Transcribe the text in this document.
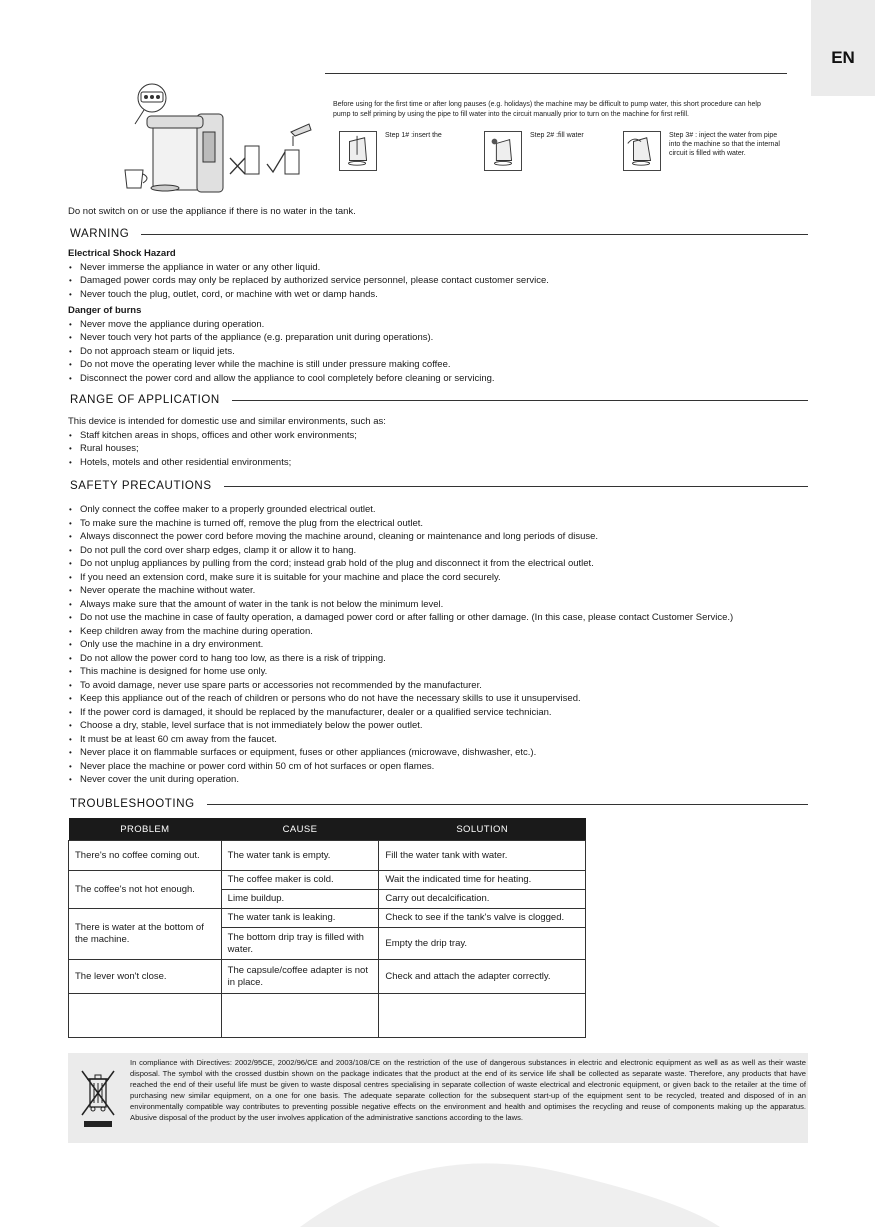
EN
Before using for the first time or after long pauses (e.g. holidays) the machine may be difficult to pump water, this short procedure can help pump to self priming by using the pipe to fill water into the circuit manually prior to turn on the machine for first refill.
Step 1# :insert the	Step 2# :fill water	Step 3# : inject the water from pipe into the machine so that the internal circuit is filled with water.
Do not switch on or use the appliance if there is no water in the tank.
WARNING
Electrical Shock Hazard
• Never immerse the appliance in water or any other liquid.
• Damaged power cords may only be replaced by authorized service personnel, please contact customer service.
• Never touch the plug, outlet, cord, or machine with wet or damp hands.
Danger of burns
• Never move the appliance during operation.
• Never touch very hot parts of the appliance (e.g. preparation unit during operations).
• Do not approach steam or liquid jets.
• Do not move the operating lever while the machine is still under pressure making coffee.
• Disconnect the power cord and allow the appliance to cool completely before cleaning or servicing.
RANGE OF APPLICATION
This device is intended for domestic use and similar environments, such as:
• Staff kitchen areas in shops, offices and other work environments;
• Rural houses;
• Hotels, motels and other residential environments;
SAFETY PRECAUTIONS
• Only connect the coffee maker to a properly grounded electrical outlet.
• To make sure the machine is turned off, remove the plug from the electrical outlet.
• Always disconnect the power cord before moving the machine around, cleaning or maintenance and long periods of disuse.
• Do not pull the cord over sharp edges, clamp it or allow it to hang.
• Do not unplug appliances by pulling from the cord; instead grab hold of the plug and disconnect it from the electrical outlet.
• If you need an extension cord, make sure it is suitable for your machine and place the cord securely.
• Never operate the machine without water.
• Always make sure that the amount of water in the tank is not below the minimum level.
• Do not use the machine in case of faulty operation, a damaged power cord or after falling or other damage. (In this case, please contact Customer Service.)
• Keep children away from the machine during operation.
• Only use the machine in a dry environment.
• Do not allow the power cord to hang too low, as there is a risk of tripping.
• This machine is designed for home use only.
• To avoid damage, never use spare parts or accessories not recommended by the manufacturer.
• Keep this appliance out of the reach of children or persons who do not have the necessary skills to use it unsupervised.
• If the power cord is damaged, it should be replaced by the manufacturer, dealer or a qualified service technician.
• Choose a dry, stable, level surface that is not immediately below the power outlet.
• It must be at least 60 cm away from the faucet.
• Never place it on flammable surfaces or equipment, fuses or other appliances (microwave, dishwasher, etc.).
• Never place the machine or power cord within 50 cm of hot surfaces or open flames.
• Never cover the unit during operation.
TROUBLESHOOTING
PROBLEM	CAUSE	SOLUTION
There's no coffee coming out.	The water tank is empty.	Fill the water tank with water.
The coffee's not hot enough.	The coffee maker is cold.	Wait the indicated time for heating.
	Lime buildup.	Carry out decalcification.
There is water at the bottom of the machine.	The water tank is leaking.	Check to see if the tank's valve is clogged.
	The bottom drip tray is filled with water.	Empty the drip tray.
The lever won't close.	The capsule/coffee adapter is not in place.	Check and attach the adapter correctly.

In compliance with Directives: 2002/95CE, 2002/96/CE and 2003/108/CE on the restriction of the use of dangerous substances in electric and electronic equipment as well as as well as their waste disposal. The symbol with the crossed dustbin shown on the package indicates that the product at the end of its service life shall be collected as separate waste. Therefore, any products that have reached the end of their useful life must be given to waste disposal centres specialising in separate collection of waste electrical and electronic equipment, or given back to the retailer at the time of purchasing new similar equipment, on a one for one basis. The adequate separate collection for the subsequent start-up of the equipment sent to be recycled, treated and disposed of in an environmentally compatible way contributes to preventing possible negative effects on the environment and health and optimises the recycling and reuse of components making up the apparatus. Abusive disposal of the product by the user involves application of the administrative sanctions according to the laws.
